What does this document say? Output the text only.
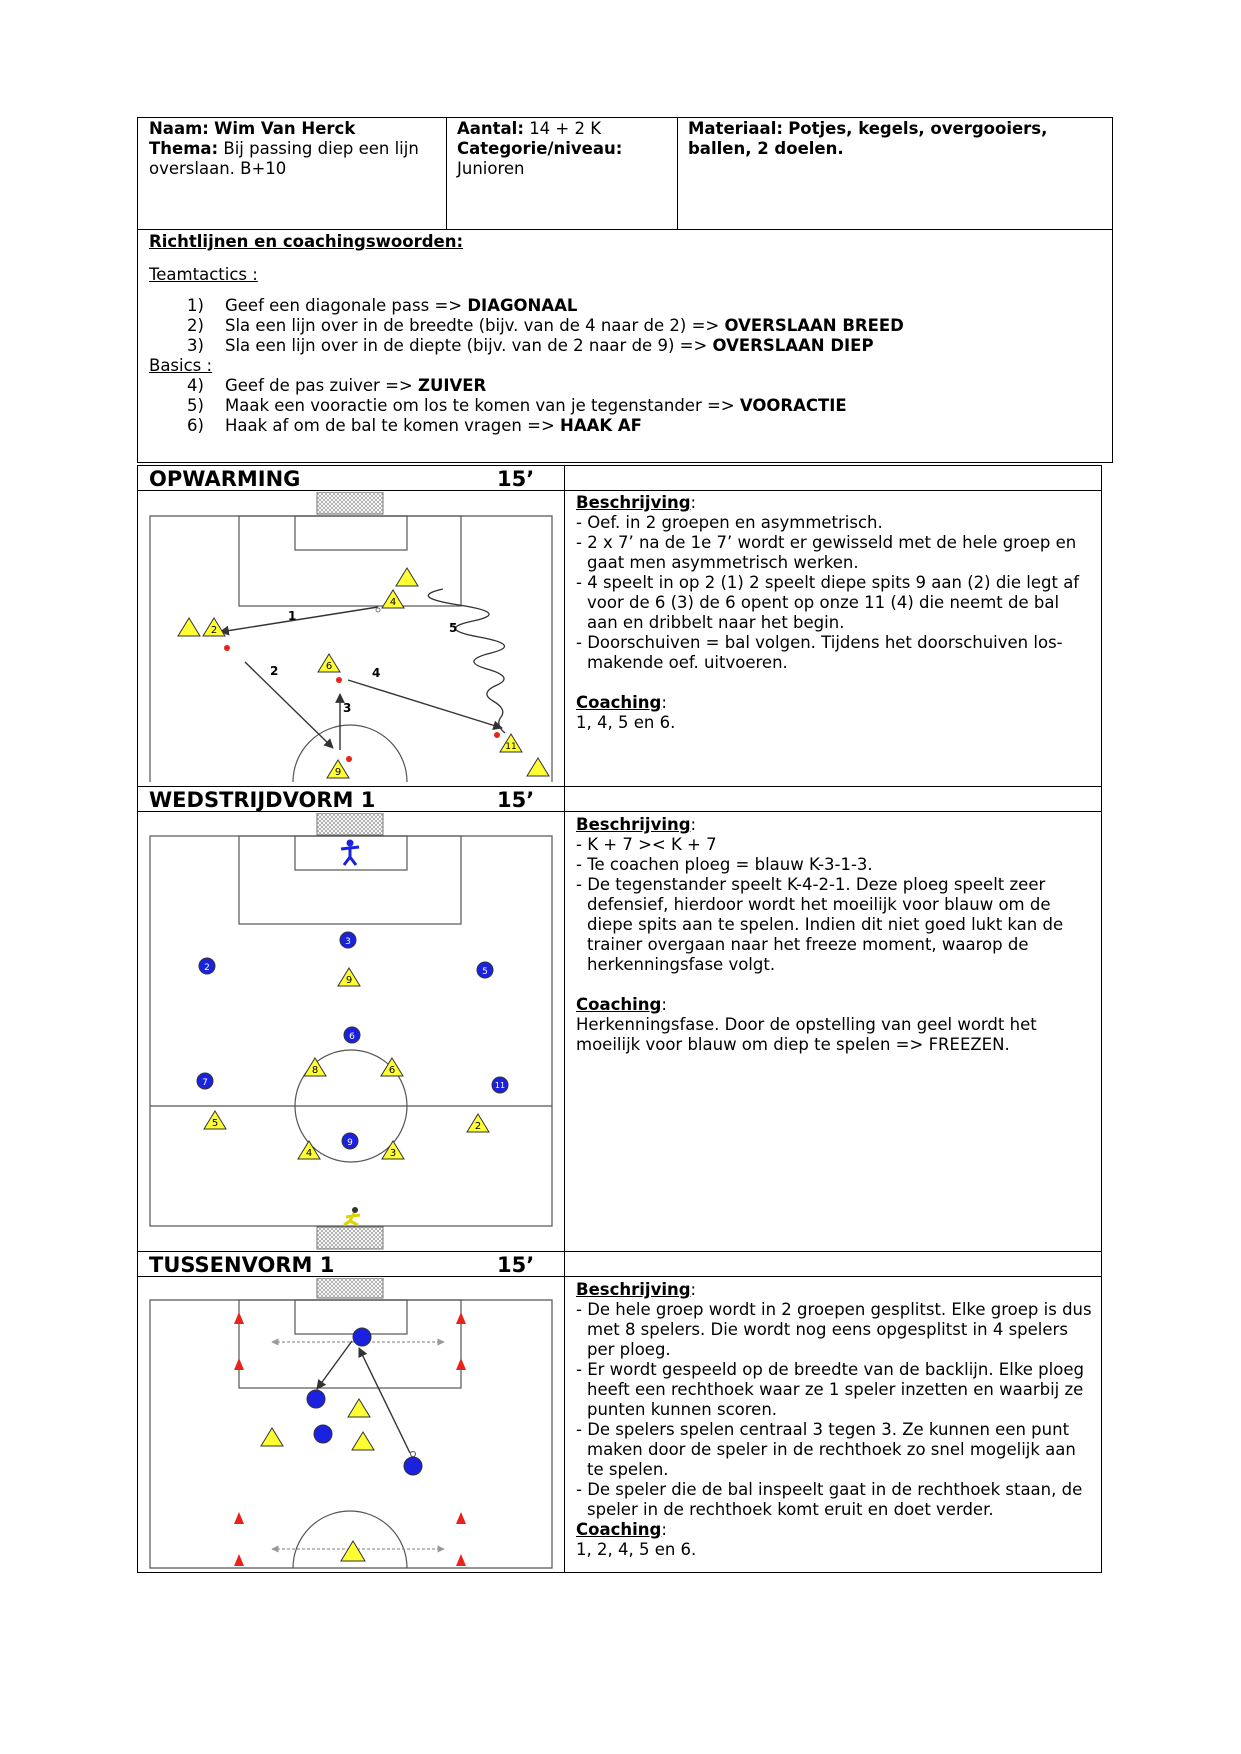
Naam: Wim Van Herck
Thema: Bij passing diep een lijn overslaan. B+10
Aantal: 14 + 2 K
Categorie/niveau:
Junioren
Materiaal: Potjes, kegels, overgooiers, ballen, 2 doelen.
Richtlijnen en coachingswoorden:
Teamtactics :
1) Geef een diagonale pass => DIAGONAAL
2) Sla een lijn over in de breedte (bijv. van de 4 naar de 2) => OVERSLAAN BREED
3) Sla een lijn over in de diepte (bijv. van de 2 naar de 9) => OVERSLAAN DIEP
Basics :
4) Geef de pas zuiver => ZUIVER
5) Maak een vooractie om los te komen van je tegenstander => VOORACTIE
6) Haak af om de bal te komen vragen => HAAK AF
OPWARMING	15’
WEDSTRIJDVORM 1	15’
TUSSENVORM 1	15’
Beschrijving:
- Oef. in 2 groepen en asymmetrisch.
- 2 x 7’ na de 1e 7’ wordt er gewisseld met de hele groep en gaat men asymmetrisch werken.
- 4 speelt in op 2 (1) 2 speelt diepe spits 9 aan (2) die legt af voor de 6 (3) de 6 opent op onze 11 (4) die neemt de bal aan en dribbelt naar het begin.
- Doorschuiven = bal volgen. Tijdens het doorschuiven los-makende oef. uitvoeren.
Coaching:
1, 4, 5 en 6.
Beschrijving:
- K + 7 >< K + 7
- Te coachen ploeg = blauw K-3-1-3.
- De tegenstander speelt K-4-2-1. Deze ploeg speelt zeer defensief, hierdoor wordt het moeilijk voor blauw om de diepe spits aan te spelen. Indien dit niet goed lukt kan de trainer overgaan naar het freeze moment, waarop de herkenningsfase volgt.
Coaching:
Herkenningsfase. Door de opstelling van geel wordt het moeilijk voor blauw om diep te spelen => FREEZEN.
Beschrijving:
- De hele groep wordt in 2 groepen gesplitst. Elke groep is dus met 8 spelers. Die wordt nog eens opgesplitst in 4 spelers per ploeg.
- Er wordt gespeeld op de breedte van de backlijn. Elke ploeg heeft een rechthoek waar ze 1 speler inzetten en waarbij ze punten kunnen scoren.
- De spelers spelen centraal 3 tegen 3. Ze kunnen een punt maken door de speler in de rechthoek zo snel mogelijk aan te spelen.
- De speler die de bal inspeelt gaat in de rechthoek staan, de speler in de rechthoek komt eruit en doet verder.
Coaching:
1, 2, 4, 5 en 6.
1
2
3
4
5
2
4
6
9
11
3
2	5
6
7	11
9
9
8	6
5	2
4	3
